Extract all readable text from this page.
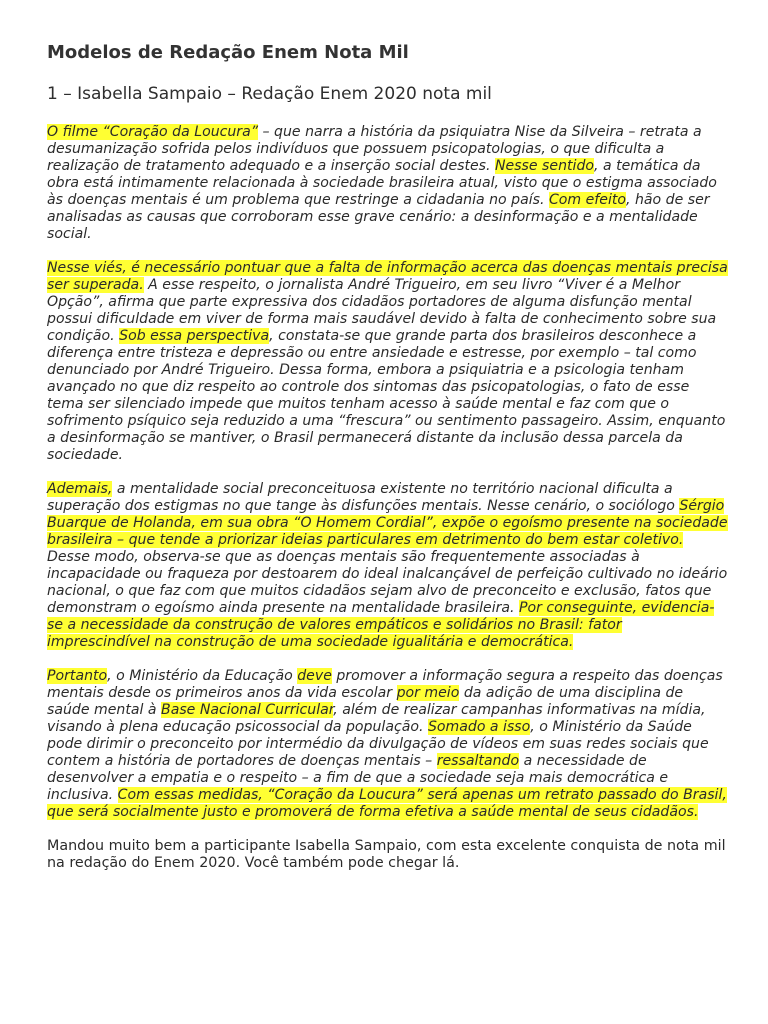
Modelos de Redação Enem Nota Mil
1 – Isabella Sampaio – Redação Enem 2020 nota mil

O filme “Coração da Loucura” – que narra a história da psiquiatra Nise da Silveira – retrata a desumanização sofrida pelos indivíduos que possuem psicopatologias, o que dificulta a realização de tratamento adequado e a inserção social destes. Nesse sentido, a temática da obra está intimamente relacionada à sociedade brasileira atual, visto que o estigma associado às doenças mentais é um problema que restringe a cidadania no país. Com efeito, hão de ser analisadas as causas que corroboram esse grave cenário: a desinformação e a mentalidade social.

Nesse viés, é necessário pontuar que a falta de informação acerca das doenças mentais precisa ser superada. A esse respeito, o jornalista André Trigueiro, em seu livro “Viver é a Melhor Opção”, afirma que parte expressiva dos cidadãos portadores de alguma disfunção mental possui dificuldade em viver de forma mais saudável devido à falta de conhecimento sobre sua condição. Sob essa perspectiva, constata-se que grande parta dos brasileiros desconhece a diferença entre tristeza e depressão ou entre ansiedade e estresse, por exemplo – tal como denunciado por André Trigueiro. Dessa forma, embora a psiquiatria e a psicologia tenham avançado no que diz respeito ao controle dos sintomas das psicopatologias, o fato de esse tema ser silenciado impede que muitos tenham acesso à saúde mental e faz com que o sofrimento psíquico seja reduzido a uma “frescura” ou sentimento passageiro. Assim, enquanto a desinformação se mantiver, o Brasil permanecerá distante da inclusão dessa parcela da sociedade.

Ademais, a mentalidade social preconceituosa existente no território nacional dificulta a superação dos estigmas no que tange às disfunções mentais. Nesse cenário, o sociólogo Sérgio Buarque de Holanda, em sua obra “O Homem Cordial”, expõe o egoísmo presente na sociedade brasileira – que tende a priorizar ideias particulares em detrimento do bem estar coletivo. Desse modo, observa-se que as doenças mentais são frequentemente associadas à incapacidade ou fraqueza por destoarem do ideal inalcançável de perfeição cultivado no ideário nacional, o que faz com que muitos cidadãos sejam alvo de preconceito e exclusão, fatos que demonstram o egoísmo ainda presente na mentalidade brasileira. Por conseguinte, evidencia-se a necessidade da construção de valores empáticos e solidários no Brasil: fator imprescindível na construção de uma sociedade igualitária e democrática.

Portanto, o Ministério da Educação deve promover a informação segura a respeito das doenças mentais desde os primeiros anos da vida escolar por meio da adição de uma disciplina de saúde mental à Base Nacional Curricular, além de realizar campanhas informativas na mídia, visando à plena educação psicossocial da população. Somado a isso, o Ministério da Saúde pode dirimir o preconceito por intermédio da divulgação de vídeos em suas redes sociais que contem a história de portadores de doenças mentais – ressaltando a necessidade de desenvolver a empatia e o respeito – a fim de que a sociedade seja mais democrática e inclusiva. Com essas medidas, “Coração da Loucura” será apenas um retrato passado do Brasil, que será socialmente justo e promoverá de forma efetiva a saúde mental de seus cidadãos.

Mandou muito bem a participante Isabella Sampaio, com esta excelente conquista de nota mil na redação do Enem 2020. Você também pode chegar lá.
